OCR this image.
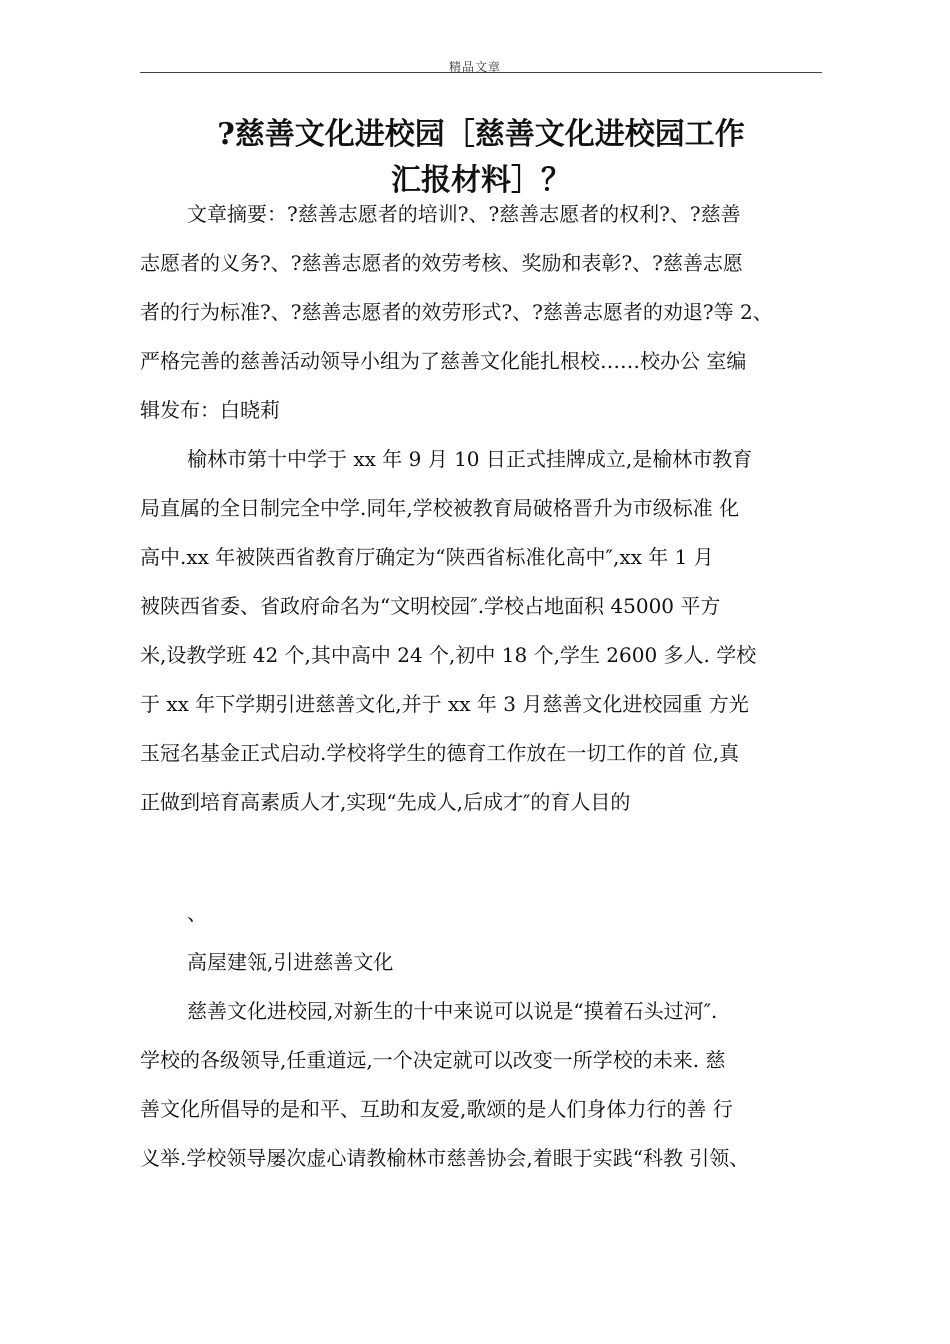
精品文章
?慈善文化进校园［慈善文化进校园工作
汇报材料］？

文章摘要：?慈善志愿者的培训?、?慈善志愿者的权利?、?慈善
志愿者的义务?、?慈善志愿者的效劳考核、奖励和表彰?、?慈善志愿
者的行为标准?、?慈善志愿者的效劳形式?、?慈善志愿者的劝退?等 2、
严格完善的慈善活动领导小组为了慈善文化能扎根校……校办公 室编
辑发布：白晓莉

榆林市第十中学于 xx 年 9 月 10 日正式挂牌成立,是榆林市教育
局直属的全日制完全中学.同年,学校被教育局破格晋升为市级标准 化
高中.xx 年被陕西省教育厅确定为“陕西省标准化高中″,xx 年 1 月
被陕西省委、省政府命名为“文明校园″.学校占地面积 45000 平方
米,设教学班 42 个,其中高中 24 个,初中 18 个,学生 2600 多人. 学校
于 xx 年下学期引进慈善文化,并于 xx 年 3 月慈善文化进校园重 方光
玉冠名基金正式启动.学校将学生的德育工作放在一切工作的首 位,真
正做到培育高素质人才,实现“先成人,后成才″的育人目的

、

高屋建瓴,引进慈善文化

慈善文化进校园,对新生的十中来说可以说是“摸着石头过河″.
学校的各级领导,任重道远,一个决定就可以改变一所学校的未来. 慈
善文化所倡导的是和平、互助和友爱,歌颂的是人们身体力行的善 行
义举.学校领导屡次虚心请教榆林市慈善协会,着眼于实践“科教 引领、
